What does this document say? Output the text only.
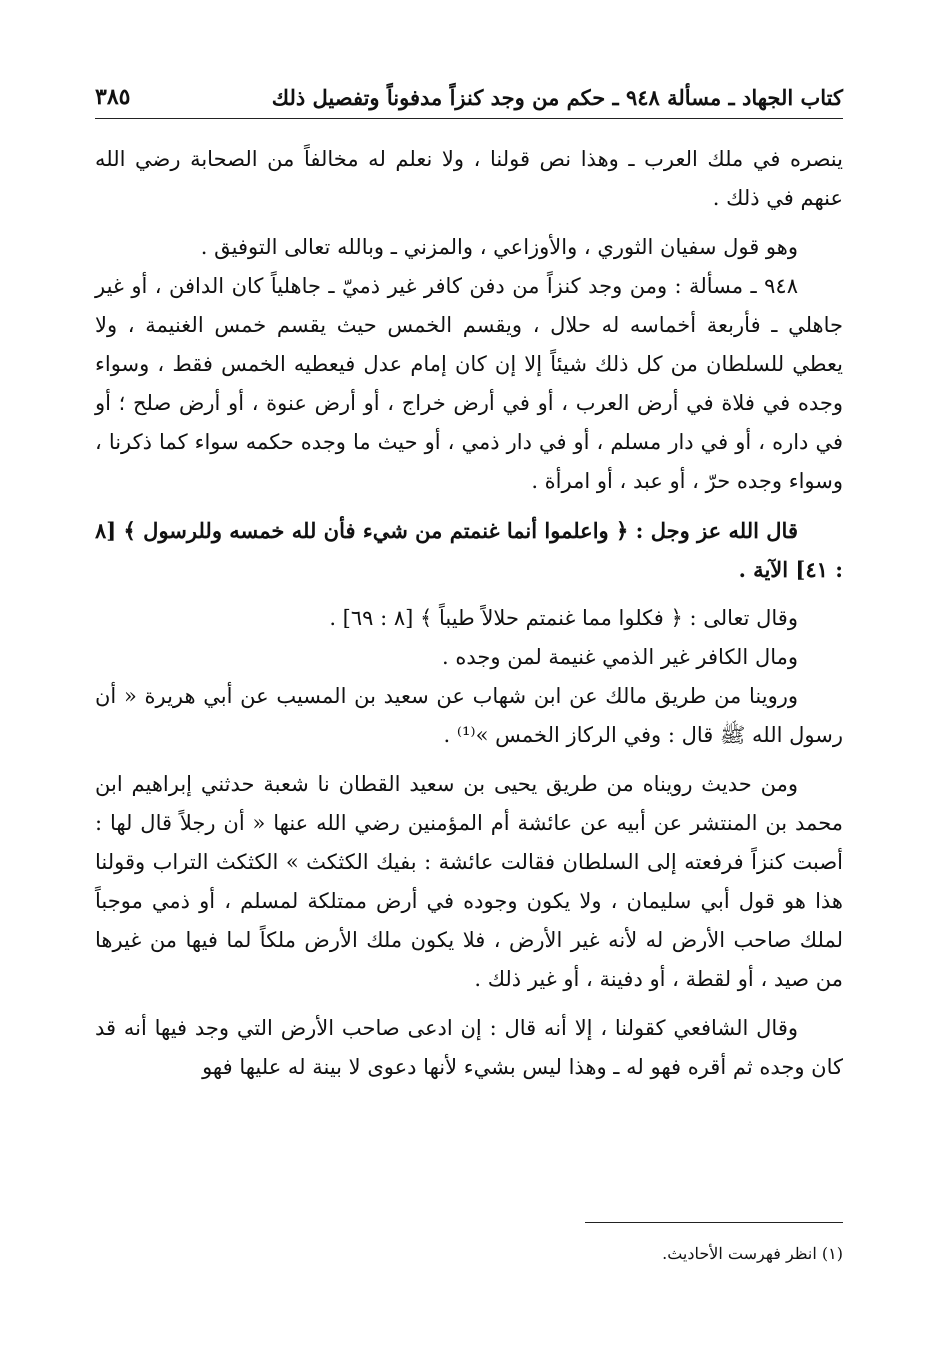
كتاب الجهاد ـ مسألة ٩٤٨ ـ حكم من وجد كنزاً مدفوناً وتفصيل ذلك
٣٨٥

ينصره في ملك العرب ـ وهذا نص قولنا ، ولا نعلم له مخالفاً من الصحابة رضي الله عنهم في ذلك .

وهو قول سفيان الثوري ، والأوزاعي ، والمزني ـ وبالله تعالى التوفيق .

٩٤٨ ـ مسألة : ومن وجد كنزاً من دفن كافر غير ذميّ ـ جاهلياً كان الدافن ، أو غير جاهلي ـ فأربعة أخماسه له حلال ، ويقسم الخمس حيث يقسم خمس الغنيمة ، ولا يعطي للسلطان من كل ذلك شيئاً إلا إن كان إمام عدل فيعطيه الخمس فقط ، وسواء وجده في فلاة في أرض العرب ، أو في أرض خراج ، أو أرض عنوة ، أو أرض صلح ؛ أو في داره ، أو في دار مسلم ، أو في دار ذمي ، أو حيث ما وجده حكمه سواء كما ذكرنا ، وسواء وجده حرّ ، أو عبد ، أو امرأة .

قال الله عز وجل : ﴿ واعلموا أنما غنمتم من شيء فأن لله خمسه وللرسول ﴾ [٨ : ٤١] الآية .

وقال تعالى : ﴿ فكلوا مما غنمتم حلالاً طيباً ﴾ [٨ : ٦٩] .

ومال الكافر غير الذمي غنيمة لمن وجده .

وروينا من طريق مالك عن ابن شهاب عن سعيد بن المسيب عن أبي هريرة « أن رسول الله ﷺ قال : وفي الركاز الخمس »⁽¹⁾ .

ومن حديث رويناه من طريق يحيى بن سعيد القطان نا شعبة حدثني إبراهيم ابن محمد بن المنتشر عن أبيه عن عائشة أم المؤمنين رضي الله عنها « أن رجلاً قال لها : أصبت كنزاً فرفعته إلى السلطان فقالت عائشة : بفيك الكثكث » الكثكث التراب وقولنا هذا هو قول أبي سليمان ، ولا يكون وجوده في أرض ممتلكة لمسلم ، أو ذمي موجباً لملك صاحب الأرض له لأنه غير الأرض ، فلا يكون ملك الأرض ملكاً لما فيها من غيرها من صيد ، أو لقطة ، أو دفينة ، أو غير ذلك .

وقال الشافعي كقولنا ، إلا أنه قال : إن ادعى صاحب الأرض التي وجد فيها أنه قد كان وجده ثم أقره فهو له ـ وهذا ليس بشيء لأنها دعوى لا بينة له عليها فهو

(١) انظر فهرست الأحاديث.
